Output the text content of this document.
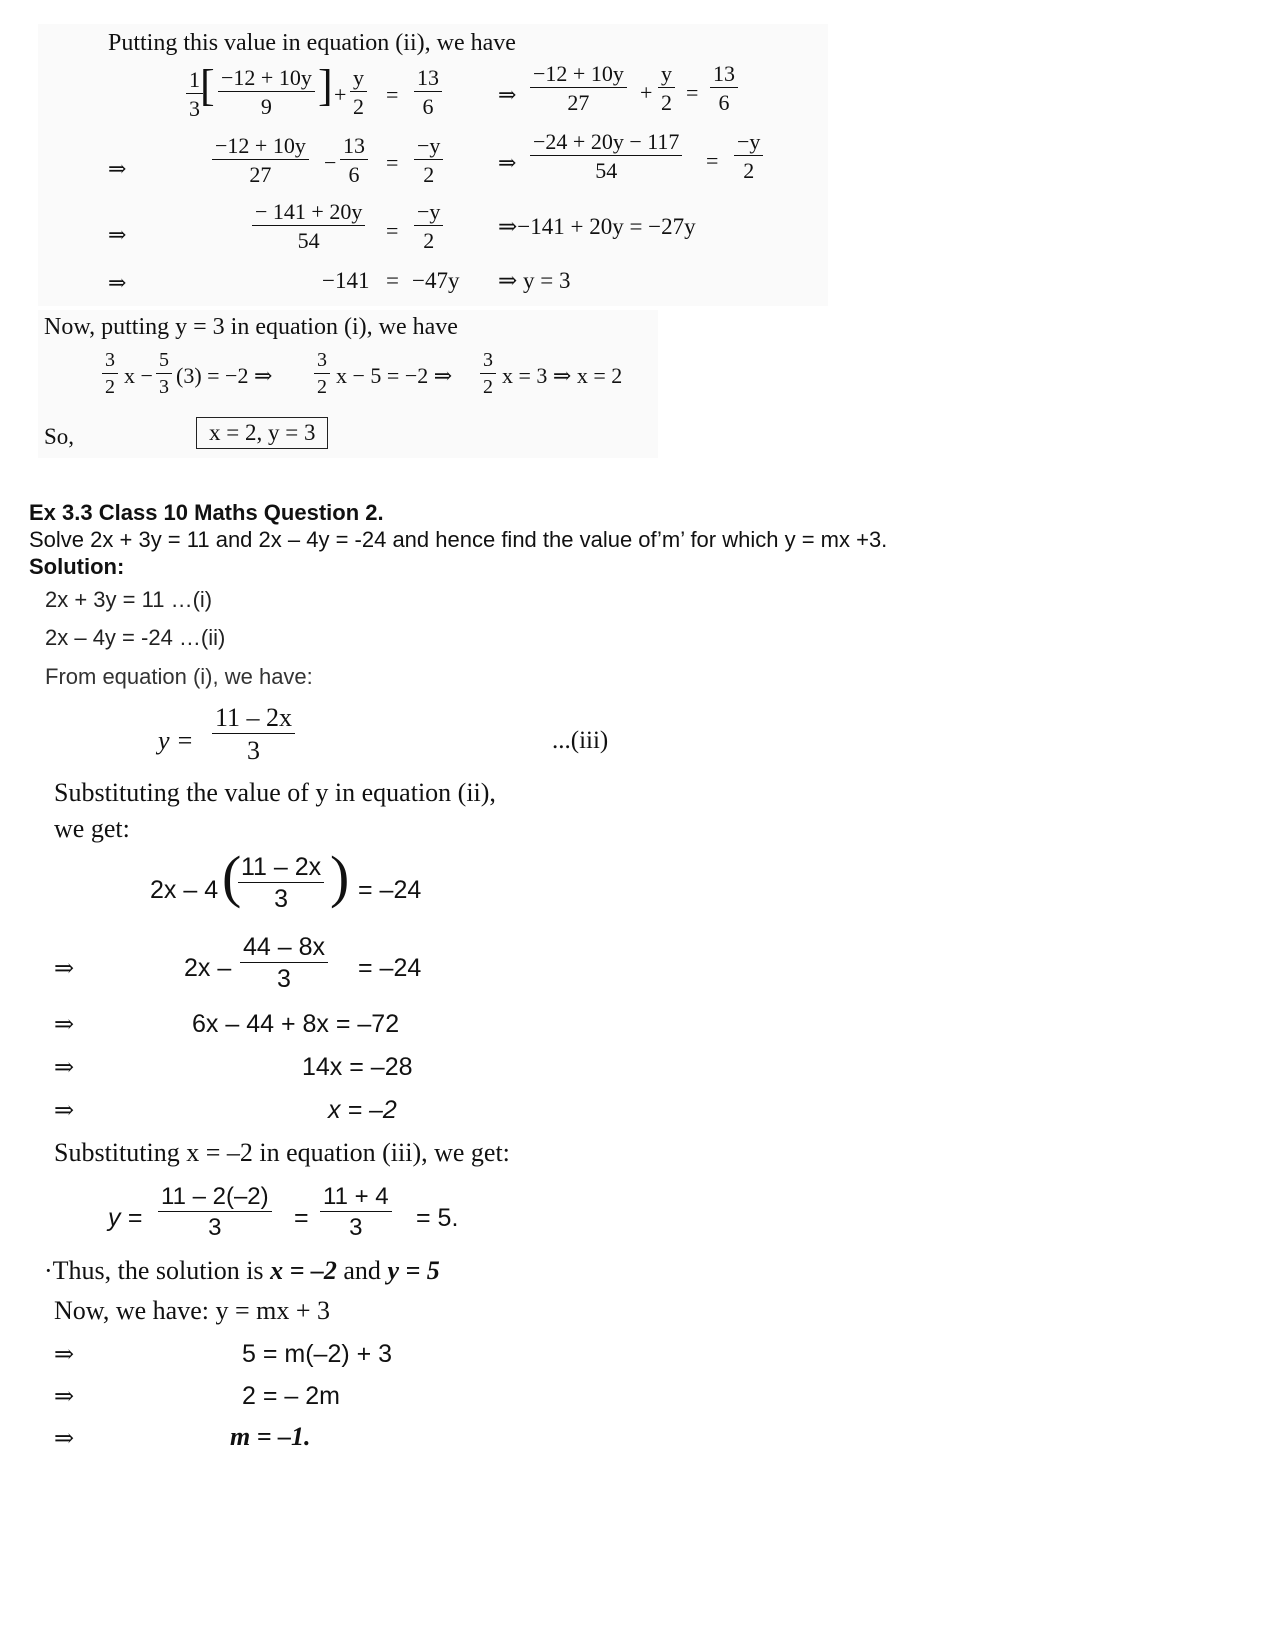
Putting this value in equation (ii), we have
$\frac{1}{3}$
[ $\frac{-12 + 10y}{9}$ ] + $\frac{y}{2} = \frac{13}{6}$	⇒ $\frac{-12 + 10y}{27} + \frac{y}{2} = \frac{13}{6}$
⇒	$\frac{-12 + 10y}{27} - \frac{13}{6} = \frac{-y}{2}$ ⇒ $\frac{-24 + 20y - 117}{54} = \frac{-y}{2}$
⇒	$\frac{- 141 + 20y}{54} = \frac{-y}{2}$ ⇒−141 + 20y = −27y
⇒	−141 = −47y ⇒ y = 3
Now, putting y = 3 in equation (i), we have
$\frac{3}{2}$ $x - \frac{5}{3} (3) = -2$ ⇒ $\frac{3}{2}$ x − 5 = −2 ⇒ $\frac{3}{2}$ x = 3 ⇒ x = 2
So,	x = 2, y = 3
Ex 3.3 Class 10 Maths Question 2.
Solve 2x + 3y = 11 and 2x – 4y = -24 and hence find the value of’m’ for which y = mx +3.
Solution:
2x + 3y = 11 …(i)
2x – 4y = -24 …(ii)
From equation (i), we have:
$y = \frac{11 - 2x}{3}$	...(iii)
Substituting the value of y in equation (ii),
we get:
2x – 4 (
$\frac{11 - 2x}{3}$ ) = –24
⇒	$2x - \frac{44 - 8x}{3} = -24$
⇒	6x – 44 + 8x = –72
⇒	14x = –28
⇒	x = –2
Substituting x = –2 in equation (iii), we get:
$y = \frac{11 - 2(-2)}{3} = \frac{11 + 4}{3} = 5$.
·Thus, the solution is x = –2 and y = 5
Now, we have: y = mx + 3
⇒	5 = m(–2) + 3
⇒	2 = – 2m
⇒	m = –1.
